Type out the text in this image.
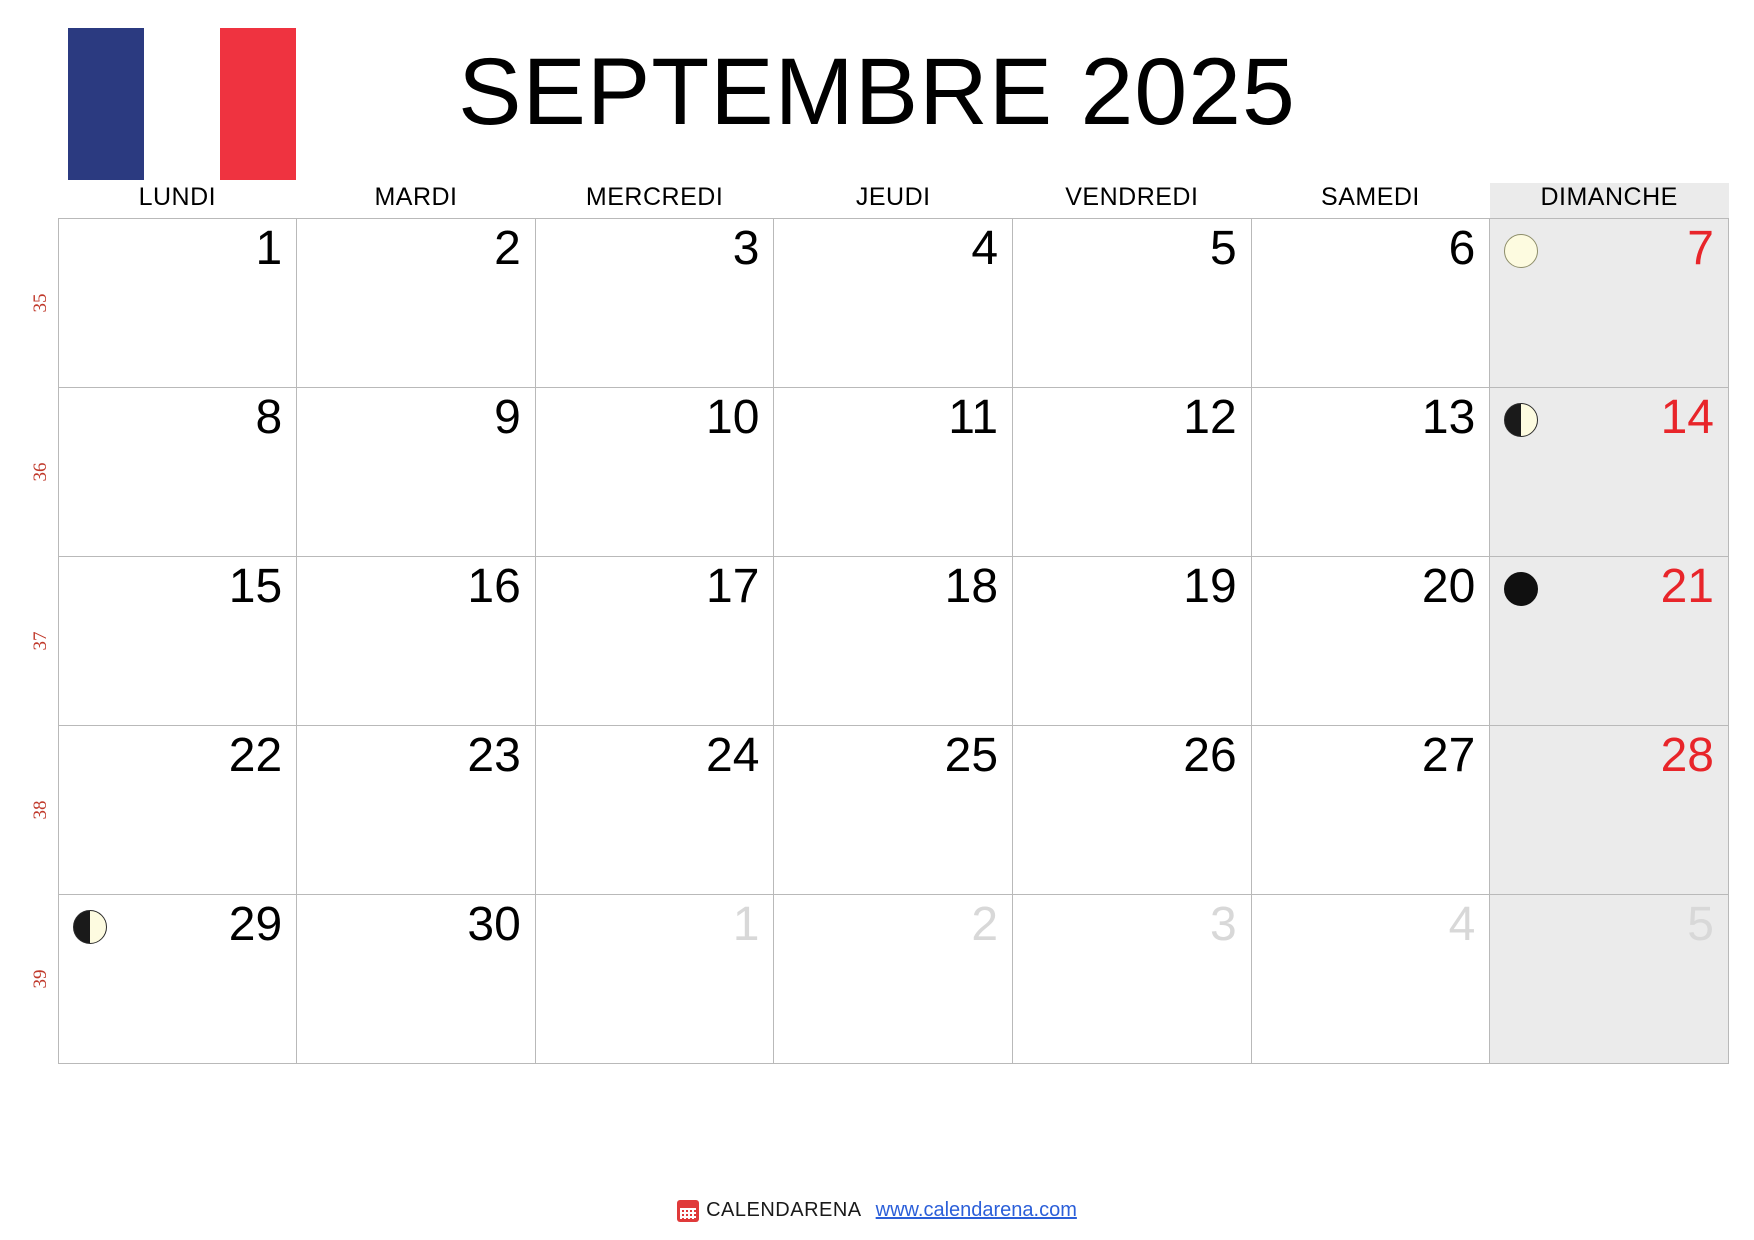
SEPTEMBRE 2025
	LUNDI	MARDI	MERCREDI	JEUDI	VENDREDI	SAMEDI	DIMANCHE

35	1	2	3	4	5	6	7

36	8	9	10	11	12	13	14

37	15	16	17	18	19	20	21

38	22	23	24	25	26	27	28

39	29	30	1	2	3	4	5
CALENDARENA www.calendarena.com
